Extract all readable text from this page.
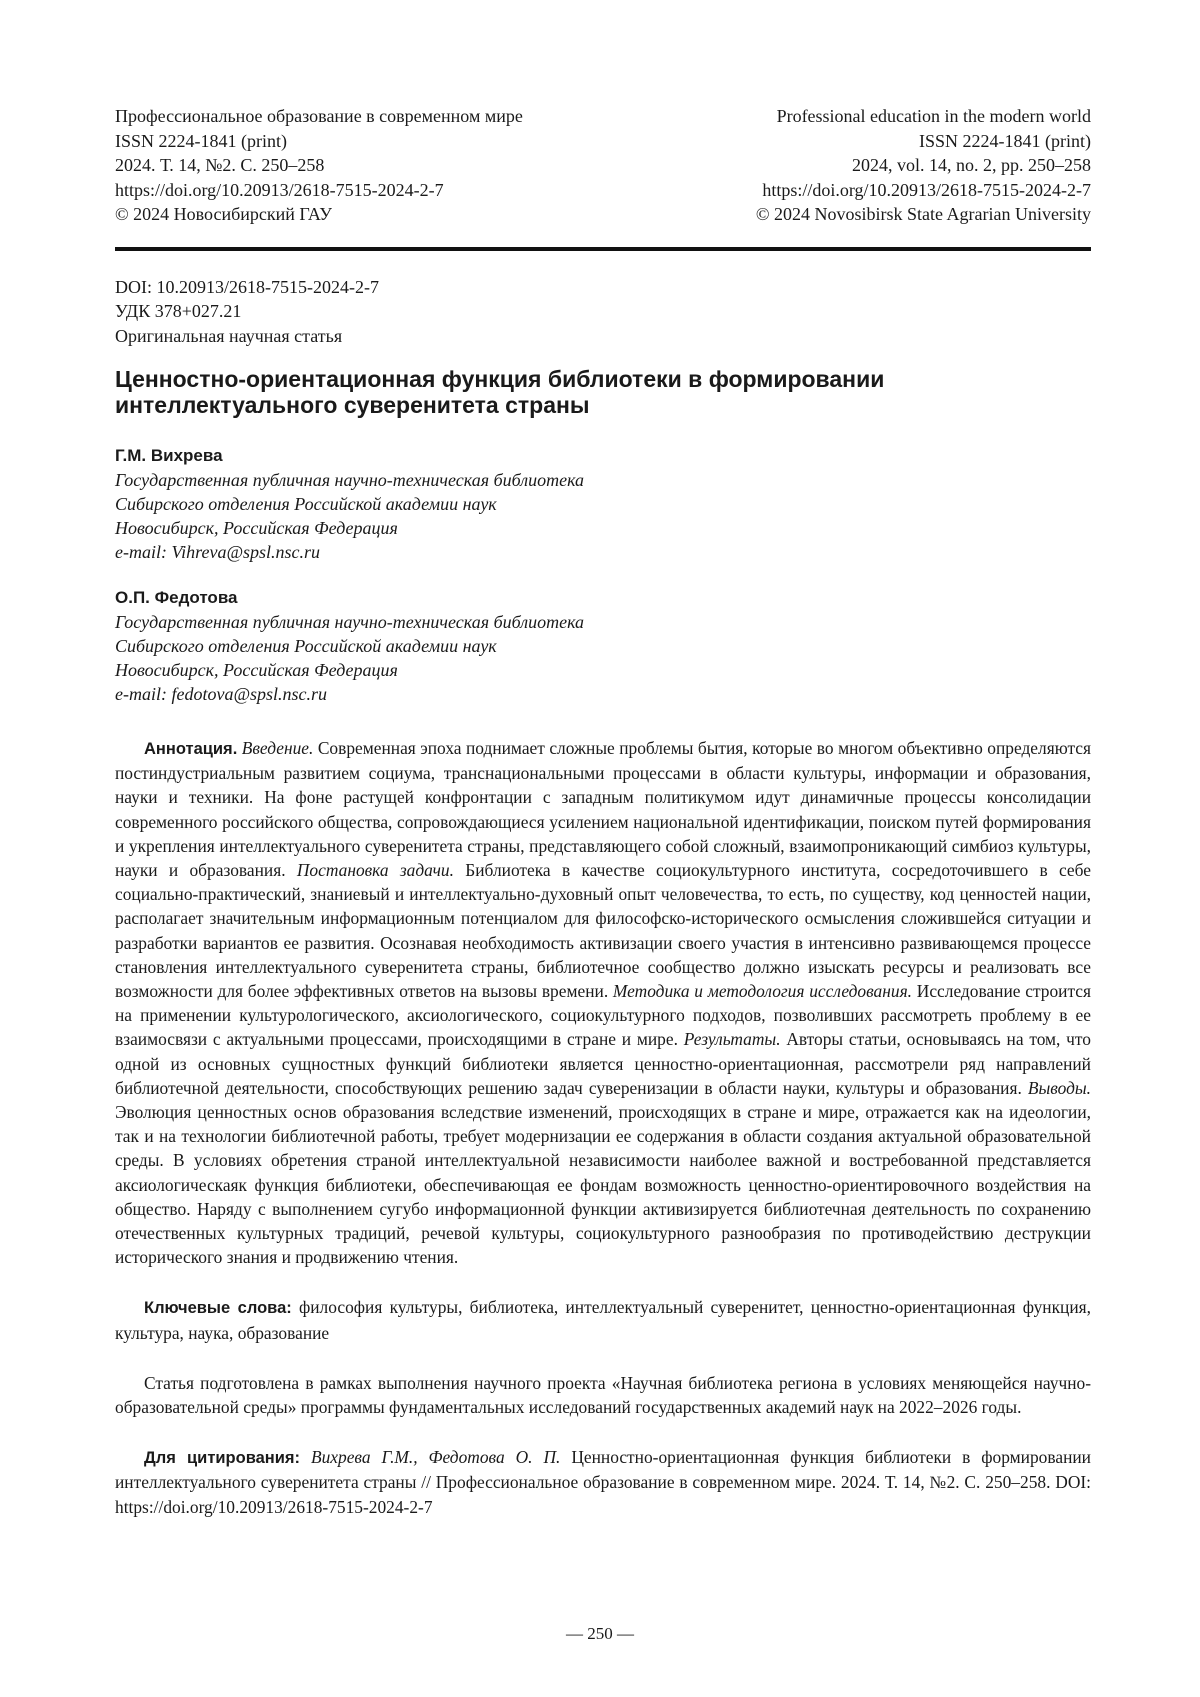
Профессиональное образование в современном мире
ISSN 2224-1841 (print)
2024. Т. 14, №2. С. 250–258
https://doi.org/10.20913/2618-7515-2024-2-7
© 2024 Новосибирский ГАУ
Professional education in the modern world
ISSN 2224-1841 (print)
2024, vol. 14, no. 2, pp. 250–258
https://doi.org/10.20913/2618-7515-2024-2-7
© 2024 Novosibirsk State Agrarian University
DOI: 10.20913/2618-7515-2024-2-7
УДК 378+027.21
Оригинальная научная статья
Ценностно-ориентационная функция библиотеки в формировании интеллектуального суверенитета страны
Г.М. Вихрева
Государственная публичная научно-техническая библиотека
Сибирского отделения Российской академии наук
Новосибирск, Российская Федерация
e-mail: Vihreva@spsl.nsc.ru
О.П. Федотова
Государственная публичная научно-техническая библиотека
Сибирского отделения Российской академии наук
Новосибирск, Российская Федерация
e-mail: fedotova@spsl.nsc.ru

Аннотация. Введение. Современная эпоха поднимает сложные проблемы бытия, которые во многом объективно определяются постиндустриальным развитием социума, транснациональными процессами в области культуры, информации и образования, науки и техники. На фоне растущей конфронтации с западным политикумом идут динамичные процессы консолидации современного российского общества, сопровождающиеся усилением национальной идентификации, поиском путей формирования и укрепления интеллектуального суверенитета страны, представляющего собой сложный, взаимопроникающий симбиоз культуры, науки и образования. Постановка задачи. Библиотека в качестве социокультурного института, сосредоточившего в себе социально-практический, знаниевый и интеллектуально-духовный опыт человечества, то есть, по существу, код ценностей нации, располагает значительным информационным потенциалом для философско-исторического осмысления сложившейся ситуации и разработки вариантов ее развития. Осознавая необходимость активизации своего участия в интенсивно развивающемся процессе становления интеллектуального суверенитета страны, библиотечное сообщество должно изыскать ресурсы и реализовать все возможности для более эффективных ответов на вызовы времени. Методика и методология исследования. Исследование строится на применении культурологического, аксиологического, социокультурного подходов, позволивших рассмотреть проблему в ее взаимосвязи с актуальными процессами, происходящими в стране и мире. Результаты. Авторы статьи, основываясь на том, что одной из основных сущностных функций библиотеки является ценностно-ориентационная, рассмотрели ряд направлений библиотечной деятельности, способствующих решению задач суверенизации в области науки, культуры и образования. Выводы. Эволюция ценностных основ образования вследствие изменений, происходящих в стране и мире, отражается как на идеологии, так и на технологии библиотечной работы, требует модернизации ее содержания в области создания актуальной образовательной среды. В условиях обретения страной интеллектуальной независимости наиболее важной и востребованной представляется аксиологическаяк функция библиотеки, обеспечивающая ее фондам возможность ценностно-ориентировочного воздействия на общество. Наряду с выполнением сугубо информационной функции активизируется библиотечная деятельность по сохранению отечественных культурных традиций, речевой культуры, социокультурного разнообразия по противодействию деструкции исторического знания и продвижению чтения.

Ключевые слова: философия культуры, библиотека, интеллектуальный суверенитет, ценностно-ориентационная функция, культура, наука, образование

Статья подготовлена в рамках выполнения научного проекта «Научная библиотека региона в условиях меняющейся научно-образовательной среды» программы фундаментальных исследований государственных академий наук на 2022–2026 годы.

Для цитирования: Вихрева Г.М., Федотова О. П. Ценностно-ориентационная функция библиотеки в формировании интеллектуального суверенитета страны // Профессиональное образование в современном мире. 2024. Т. 14, №2. С. 250–258. DOI: https://doi.org/10.20913/2618-7515-2024-2-7

— 250 —
